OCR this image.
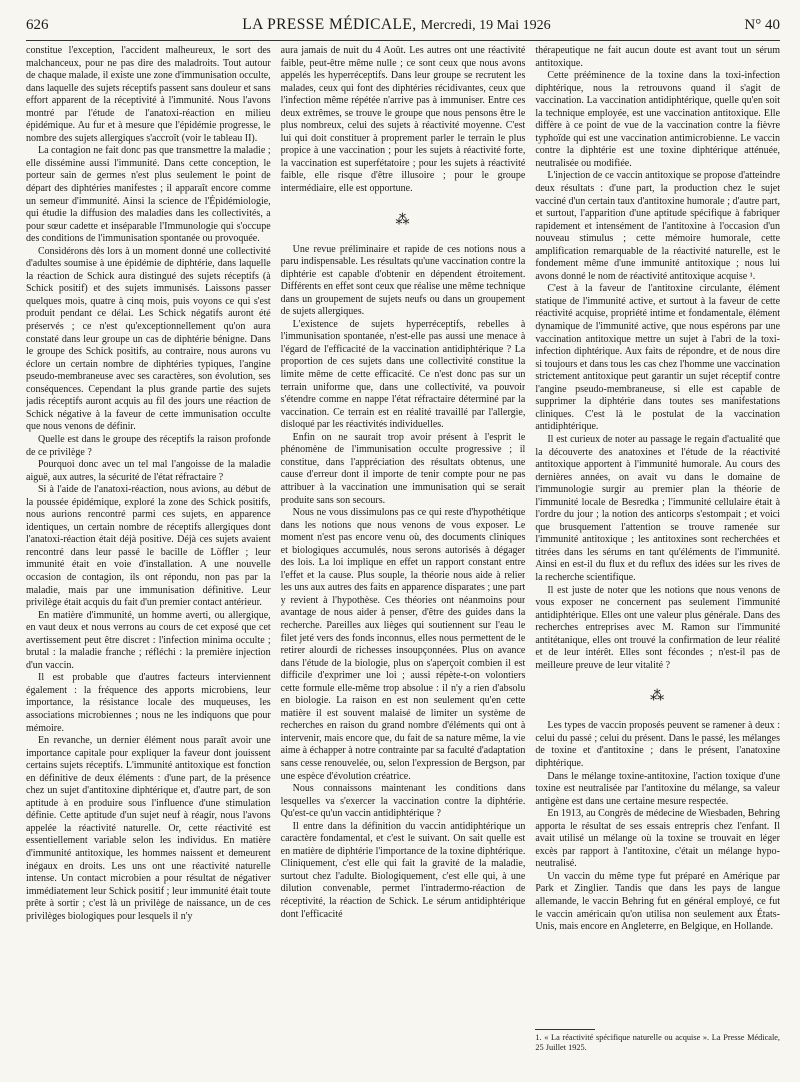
626	LA PRESSE MÉDICALE, Mercredi, 19 Mai 1926	N° 40

constitue l'exception, l'accident malheureux, le sort des malchanceux, pour ne pas dire des maladroits. Tout autour de chaque malade, il existe une zone d'immunisation occulte, dans laquelle des sujets réceptifs passent sans douleur et sans effort apparent de la réceptivité à l'immunité. Nous l'avons montré par l'étude de l'anatoxi-réaction en milieu épidémique. Au fur et à mesure que l'épidémie progresse, le nombre des sujets allergiques s'accroît (voir le tableau II).

La contagion ne fait donc pas que transmettre la maladie ; elle dissémine aussi l'immunité. Dans cette conception, le porteur sain de germes n'est plus seulement le point de départ des diphtéries manifestes ; il apparaît encore comme un semeur d'immunité. Ainsi la science de l'Épidémiologie, qui étudie la diffusion des maladies dans les collectivités, a pour sœur cadette et inséparable l'Immunologie qui s'occupe des conditions de l'immunisation spontanée ou provoquée.

Considérons dès lors à un moment donné une collectivité d'adultes soumise à une épidémie de diphtérie, dans laquelle la réaction de Schick aura distingué des sujets réceptifs (à Schick positif) et des sujets immunisés. Laissons passer quelques mois, quatre à cinq mois, puis voyons ce qui s'est produit pendant ce délai. Les Schick négatifs auront été préservés ; ce n'est qu'exceptionnellement qu'on aura constaté dans leur groupe un cas de diphtérie bénigne. Dans le groupe des Schick positifs, au contraire, nous aurons vu éclore un certain nombre de diphtéries typiques, l'angine pseudo-membraneuse avec ses caractères, son évolution, ses conséquences. Cependant la plus grande partie des sujets jadis réceptifs auront acquis au fil des jours une réaction de Schick négative à la faveur de cette immunisation occulte que nous venons de définir.

Quelle est dans le groupe des réceptifs la raison profonde de ce privilège ?

Pourquoi donc avec un tel mal l'angoisse de la maladie aiguë, aux autres, la sécurité de l'état réfractaire ?

Si à l'aide de l'anatoxi-réaction, nous avions, au début de la poussée épidémique, exploré la zone des Schick positifs, nous aurions rencontré parmi ces sujets, en apparence identiques, un certain nombre de réceptifs allergiques dont l'anatoxi-réaction était déjà positive. Déjà ces sujets avaient rencontré dans leur passé le bacille de Löffler ; leur immunité était en voie d'installation. A une nouvelle occasion de contagion, ils ont répondu, non pas par la maladie, mais par une immunisation définitive. Leur privilège était acquis du fait d'un premier contact antérieur.

En matière d'immunité, un homme averti, ou allergique, en vaut deux et nous verrons au cours de cet exposé que cet avertissement peut être discret : l'infection minima occulte ; brutal : la maladie franche ; réfléchi : la première injection d'un vaccin.

Il est probable que d'autres facteurs interviennent également : la fréquence des apports microbiens, leur importance, la résistance locale des muqueuses, les associations microbiennes ; nous ne les indiquons que pour mémoire.

En revanche, un dernier élément nous paraît avoir une importance capitale pour expliquer la faveur dont jouissent certains sujets réceptifs. L'immunité antitoxique est fonction en définitive de deux éléments : d'une part, de la présence chez un sujet d'antitoxine diphtérique et, d'autre part, de son aptitude à en produire sous l'influence d'une stimulation définie. Cette aptitude d'un sujet neuf à réagir, nous l'avons appelée la réactivité naturelle. Or, cette réactivité est essentiellement variable selon les individus. En matière d'immunité antitoxique, les hommes naissent et demeurent inégaux en droits. Les uns ont une réactivité naturelle intense. Un contact microbien a pour résultat de négativer immédiatement leur Schick positif ; leur immunité était toute prête à sortir ; c'est là un privilège de naissance, un de ces privilèges biologiques pour lesquels il n'y

aura jamais de nuit du 4 Août. Les autres ont une réactivité faible, peut-être même nulle ; ce sont ceux que nous avons appelés les hyperréceptifs. Dans leur groupe se recrutent les malades, ceux qui font des diphtéries récidivantes, ceux que l'infection même répétée n'arrive pas à immuniser. Entre ces deux extrêmes, se trouve le groupe que nous pensons être le plus nombreux, celui des sujets à réactivité moyenne. C'est lui qui doit constituer à proprement parler le terrain le plus propice à une vaccination ; pour les sujets à réactivité forte, la vaccination est superfétatoire ; pour les sujets à réactivité faible, elle risque d'être illusoire ; pour le groupe intermédiaire, elle est opportune.

⁂

Une revue préliminaire et rapide de ces notions nous a paru indispensable. Les résultats qu'une vaccination contre la diphtérie est capable d'obtenir en dépendent étroitement. Différents en effet sont ceux que réalise une même technique dans un groupement de sujets neufs ou dans un groupement de sujets allergiques.

L'existence de sujets hyperréceptifs, rebelles à l'immunisation spontanée, n'est-elle pas aussi une menace à l'égard de l'efficacité de la vaccination antidiphtérique ? La proportion de ces sujets dans une collectivité constitue la limite même de cette efficacité. Ce n'est donc pas sur un terrain uniforme que, dans une collectivité, va pouvoir s'étendre comme en nappe l'état réfractaire déterminé par la vaccination. Ce terrain est en réalité travaillé par l'allergie, disloqué par les réactivités individuelles.

Enfin on ne saurait trop avoir présent à l'esprit le phénomène de l'immunisation occulte progressive ; il constitue, dans l'appréciation des résultats obtenus, une cause d'erreur dont il importe de tenir compte pour ne pas attribuer à la vaccination une immunisation qui se serait produite sans son secours.

Nous ne vous dissimulons pas ce qui reste d'hypothétique dans les notions que nous venons de vous exposer. Le moment n'est pas encore venu où, des documents cliniques et biologiques accumulés, nous serons autorisés à dégager des lois. La loi implique en effet un rapport constant entre l'effet et la cause. Plus souple, la théorie nous aide à relier les uns aux autres des faits en apparence disparates ; une part y revient à l'hypothèse. Ces théories ont néanmoins pour avantage de nous aider à penser, d'être des guides dans la recherche. Pareilles aux lièges qui soutiennent sur l'eau le filet jeté vers des fonds inconnus, elles nous permettent de le retirer alourdi de richesses insoupçonnées. Plus on avance dans l'étude de la biologie, plus on s'aperçoit combien il est difficile d'exprimer une loi ; aussi répète-t-on volontiers cette formule elle-même trop absolue : il n'y a rien d'absolu en biologie. La raison en est non seulement qu'en cette matière il est souvent malaisé de limiter un système de recherches en raison du grand nombre d'éléments qui ont à intervenir, mais encore que, du fait de sa nature même, la vie aime à échapper à notre contrainte par sa faculté d'adaptation sans cesse renouvelée, ou, selon l'expression de Bergson, par une espèce d'évolution créatrice.

Nous connaissons maintenant les conditions dans lesquelles va s'exercer la vaccination contre la diphtérie. Qu'est-ce qu'un vaccin antidiphtérique ?

Il entre dans la définition du vaccin antidiphtérique un caractère fondamental, et c'est le suivant. On sait quelle est en matière de diphtérie l'importance de la toxine diphtérique. Cliniquement, c'est elle qui fait la gravité de la maladie, surtout chez l'adulte. Biologiquement, c'est elle qui, à une dilution convenable, permet l'intradermo-réaction de réceptivité, la réaction de Schick. Le sérum antidiphtérique dont l'efficacité

thérapeutique ne fait aucun doute est avant tout un sérum antitoxique.

Cette prééminence de la toxine dans la toxi-infection diphtérique, nous la retrouvons quand il s'agit de vaccination. La vaccination antidiphtérique, quelle qu'en soit la technique employée, est une vaccination antitoxique. Elle diffère à ce point de vue de la vaccination contre la fièvre typhoïde qui est une vaccination antimicrobienne. Le vaccin contre la diphtérie est une toxine diphtérique atténuée, neutralisée ou modifiée.

L'injection de ce vaccin antitoxique se propose d'atteindre deux résultats : d'une part, la production chez le sujet vacciné d'un certain taux d'antitoxine humorale ; d'autre part, et surtout, l'apparition d'une aptitude spécifique à fabriquer rapidement et intensément de l'antitoxine à l'occasion d'un nouveau stimulus ; cette mémoire humorale, cette amplification remarquable de la réactivité naturelle, est le fondement même d'une immunité antitoxique ; nous lui avons donné le nom de réactivité antitoxique acquise ¹.

C'est à la faveur de l'antitoxine circulante, élément statique de l'immunité active, et surtout à la faveur de cette réactivité acquise, propriété intime et fondamentale, élément dynamique de l'immunité active, que nous espérons par une vaccination antitoxique mettre un sujet à l'abri de la toxi-infection diphtérique. Aux faits de répondre, et de nous dire si toujours et dans tous les cas chez l'homme une vaccination strictement antitoxique peut garantir un sujet réceptif contre l'angine pseudo-membraneuse, si elle est capable de supprimer la diphtérie dans toutes ses manifestations cliniques. C'est là le postulat de la vaccination antidiphtérique.

Il est curieux de noter au passage le regain d'actualité que la découverte des anatoxines et l'étude de la réactivité antitoxique apportent à l'immunité humorale. Au cours des dernières années, on avait vu dans le domaine de l'immunologie surgir au premier plan la théorie de l'immunité locale de Besredka ; l'immunité cellulaire était à l'ordre du jour ; la notion des anticorps s'estompait ; et voici que brusquement l'attention se trouve ramenée sur l'immunité antitoxique ; les antitoxines sont recherchées et titrées dans les sérums en tant qu'éléments de l'immunité. Ainsi en est-il du flux et du reflux des idées sur les rives de la recherche scientifique.

Il est juste de noter que les notions que nous venons de vous exposer ne concernent pas seulement l'immunité antidiphtérique. Elles ont une valeur plus générale. Dans des recherches entreprises avec M. Ramon sur l'immunité antitétanique, elles ont trouvé la confirmation de leur réalité et de leur intérêt. Elles sont fécondes ; n'est-il pas de meilleure preuve de leur vitalité ?

⁂

Les types de vaccin proposés peuvent se ramener à deux : celui du passé ; celui du présent. Dans le passé, les mélanges de toxine et d'antitoxine ; dans le présent, l'anatoxine diphtérique.

Dans le mélange toxine-antitoxine, l'action toxique d'une toxine est neutralisée par l'antitoxine du mélange, sa valeur antigène est dans une certaine mesure respectée.

En 1913, au Congrès de médecine de Wiesbaden, Behring apporta le résultat de ses essais entrepris chez l'enfant. Il avait utilisé un mélange où la toxine se trouvait en léger excès par rapport à l'antitoxine, c'était un mélange hypo-neutralisé.

Un vaccin du même type fut préparé en Amérique par Park et Zinglier. Tandis que dans les pays de langue allemande, le vaccin Behring fut en général employé, ce fut le vaccin américain qu'on utilisa non seulement aux États-Unis, mais encore en Angleterre, en Belgique, en Hollande.

1. « La réactivité spécifique naturelle ou acquise ». La Presse Médicale, 25 Juillet 1925.
